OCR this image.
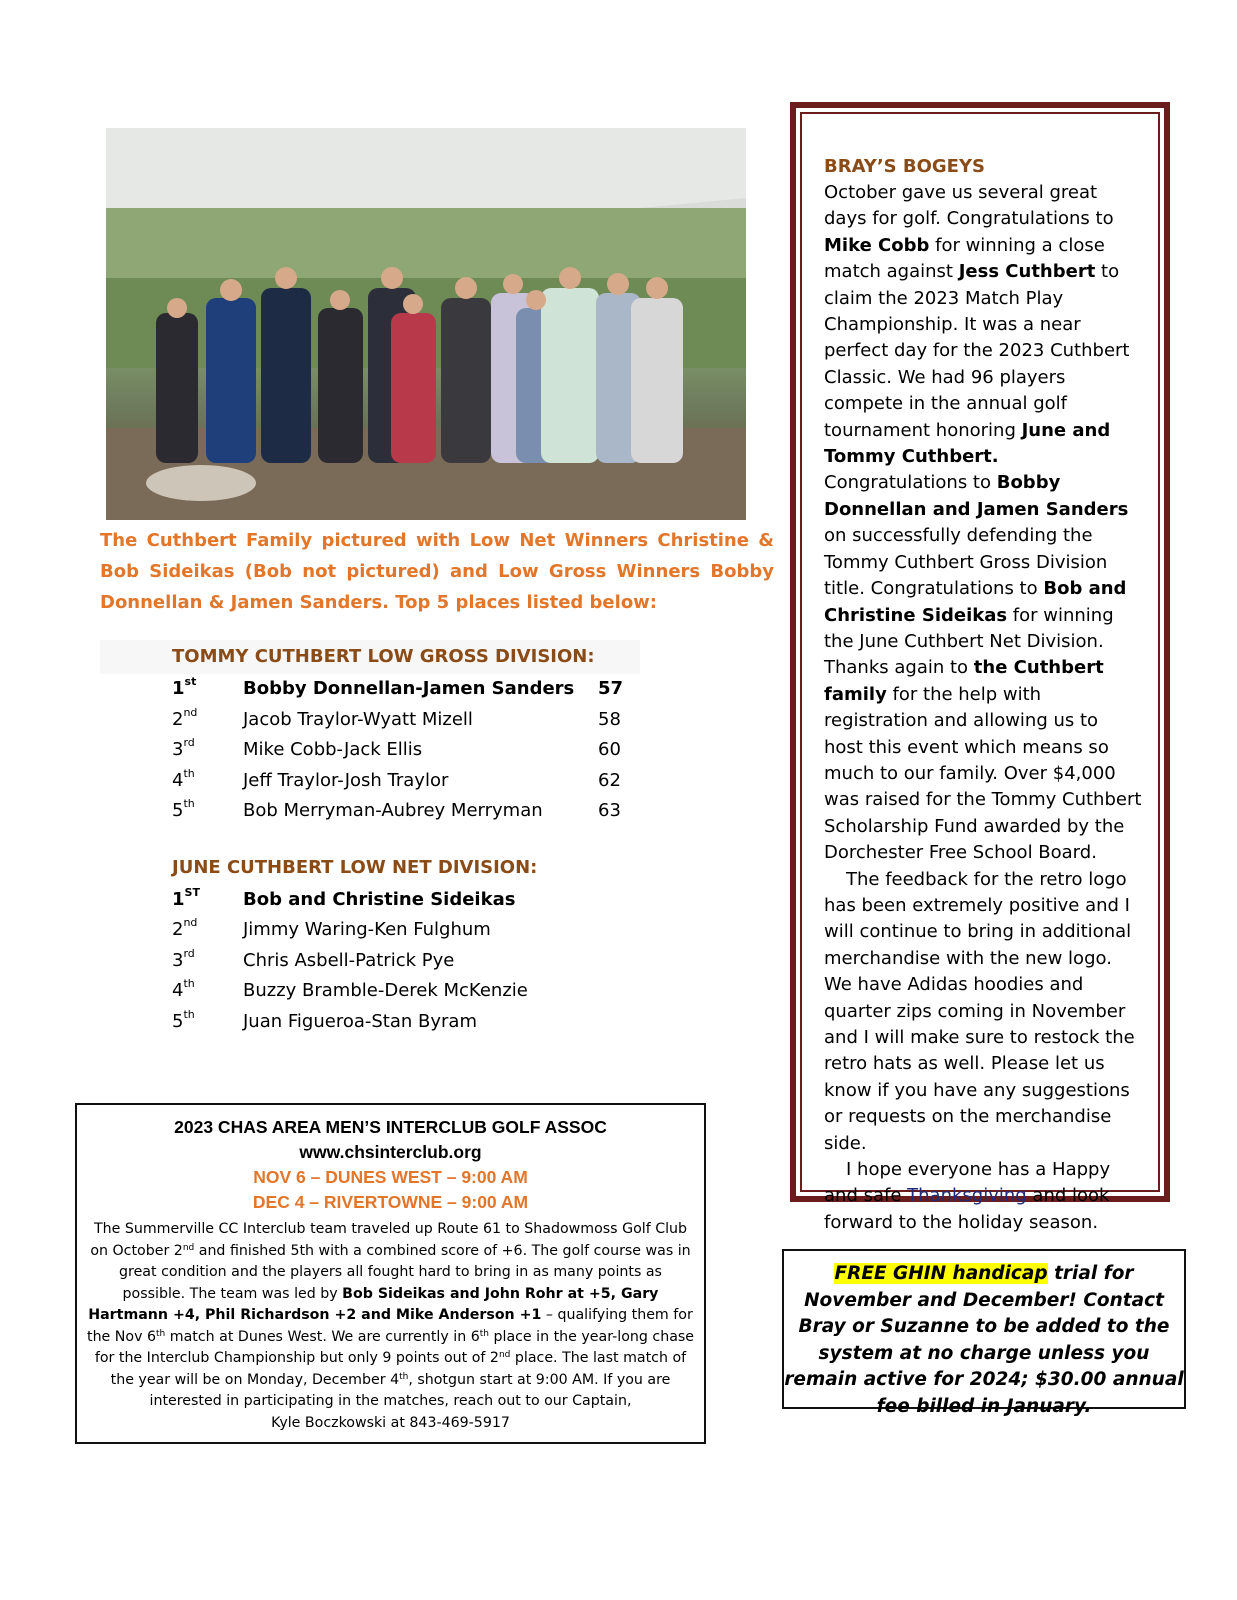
The Cuthbert Family pictured with Low Net Winners Christine & Bob Sideikas (Bob not pictured) and Low Gross Winners Bobby Donnellan & Jamen Sanders. Top 5 places listed below:

TOMMY CUTHBERT LOW GROSS DIVISION:
1st	Bobby Donnellan-Jamen Sanders	57
2nd	Jacob Traylor-Wyatt Mizell	58
3rd	Mike Cobb-Jack Ellis	60
4th	Jeff Traylor-Josh Traylor	62
5th	Bob Merryman-Aubrey Merryman	63
JUNE CUTHBERT LOW NET DIVISION:
1ST	Bob and Christine Sideikas
2nd	Jimmy Waring-Ken Fulghum
3rd	Chris Asbell-Patrick Pye
4th	Buzzy Bramble-Derek McKenzie
5th	Juan Figueroa-Stan Byram
2023 CHAS AREA MEN’S INTERCLUB GOLF ASSOC
www.chsinterclub.org
NOV 6 – DUNES WEST – 9:00 AM
DEC 4 – RIVERTOWNE – 9:00 AM
The Summerville CC Interclub team traveled up Route 61 to Shadowmoss Golf Club on October 2nd and finished 5th with a combined score of +6. The golf course was in great condition and the players all fought hard to bring in as many points as possible. The team was led by Bob Sideikas and John Rohr at +5, Gary Hartmann +4, Phil Richardson +2 and Mike Anderson +1 – qualifying them for the Nov 6th match at Dunes West. We are currently in 6th place in the year-long chase for the Interclub Championship but only 9 points out of 2nd place. The last match of the year will be on Monday, December 4th, shotgun start at 9:00 AM. If you are interested in participating in the matches, reach out to our Captain,
Kyle Boczkowski at 843-469-5917
BRAY’S BOGEYS

October gave us several great days for golf. Congratulations to Mike Cobb for winning a close match against Jess Cuthbert to claim the 2023 Match Play Championship. It was a near perfect day for the 2023 Cuthbert Classic. We had 96 players compete in the annual golf tournament honoring June and Tommy Cuthbert. Congratulations to Bobby Donnellan and Jamen Sanders on successfully defending the Tommy Cuthbert Gross Division title. Congratulations to Bob and Christine Sideikas for winning the June Cuthbert Net Division. Thanks again to the Cuthbert family for the help with registration and allowing us to host this event which means so much to our family. Over $4,000 was raised for the Tommy Cuthbert Scholarship Fund awarded by the Dorchester Free School Board.

The feedback for the retro logo has been extremely positive and I will continue to bring in additional merchandise with the new logo. We have Adidas hoodies and quarter zips coming in November and I will make sure to restock the retro hats as well. Please let us know if you have any suggestions or requests on the merchandise side.

I hope everyone has a Happy and safe Thanksgiving and look forward to the holiday season.

FREE GHIN handicap trial for November and December! Contact Bray or Suzanne to be added to the system at no charge unless you remain active for 2024; $30.00 annual fee billed in January.
